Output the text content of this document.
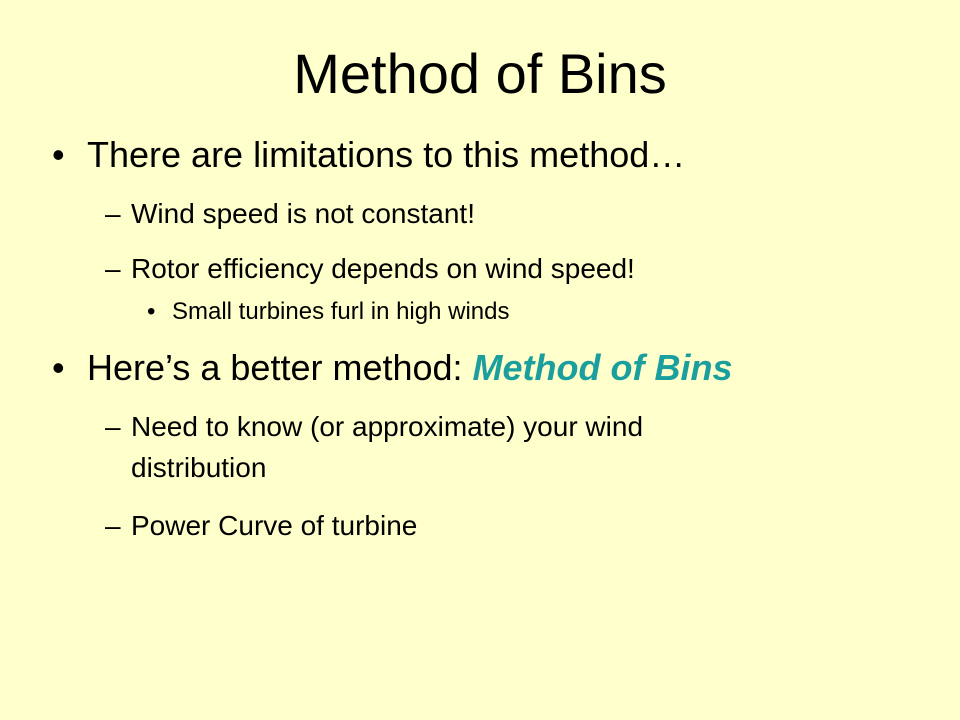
Method of Bins
• There are limitations to this method…
– Wind speed is not constant!
– Rotor efficiency depends on wind speed!
• Small turbines furl in high winds
• Here’s a better method: Method of Bins
– Need to know (or approximate) your wind
distribution
– Power Curve of turbine
